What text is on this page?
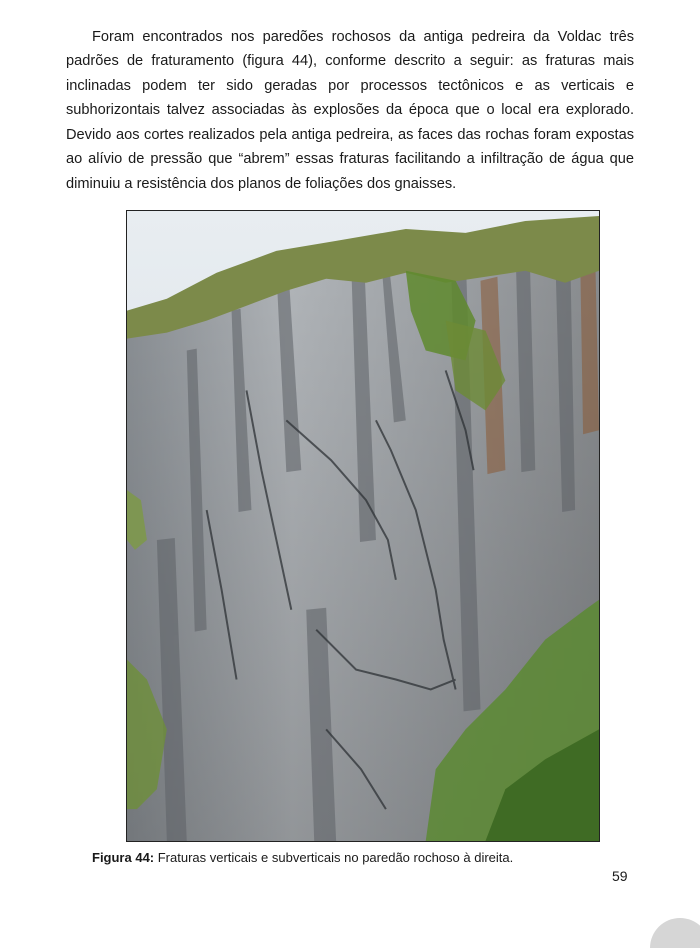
Foram encontrados nos paredões rochosos da antiga pedreira da Voldac três padrões de fraturamento (figura 44), conforme descrito a seguir: as fraturas mais inclinadas podem ter sido geradas por processos tectônicos e as verticais e subhorizontais talvez associadas às explosões da época que o local era explorado. Devido aos cortes realizados pela antiga pedreira, as faces das rochas foram expostas ao alívio de pressão que “abrem” essas fraturas facilitando a infiltração de água que diminuiu a resistência dos planos de foliações dos gnaisses.

Figura 44: Fraturas verticais e subverticais no paredão rochoso à direita.
59
